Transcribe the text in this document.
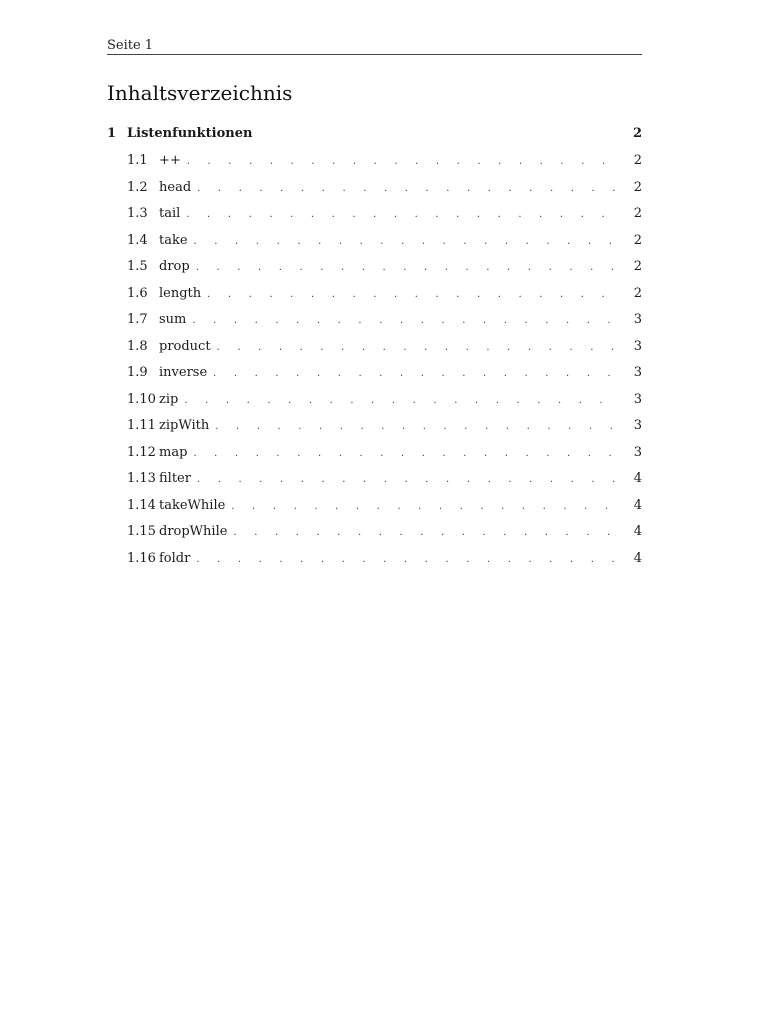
Seite 1
Inhaltsverzeichnis
1 Listenfunktionen	2
1.1 ++ . . .	2
1.2 head . . .	2
1.3 tail . . .	2
1.4 take . . .	2
1.5 drop . . .	2
1.6 length . . .	2
1.7 sum . . .	3
1.8 product . . .	3
1.9 inverse . . .	3
1.10 zip . . .	3
1.11 zipWith . . .	3
1.12 map . . .	3
1.13 filter . . .	4
1.14 takeWhile . . .	4
1.15 dropWhile . . .	4
1.16 foldr . . .	4
